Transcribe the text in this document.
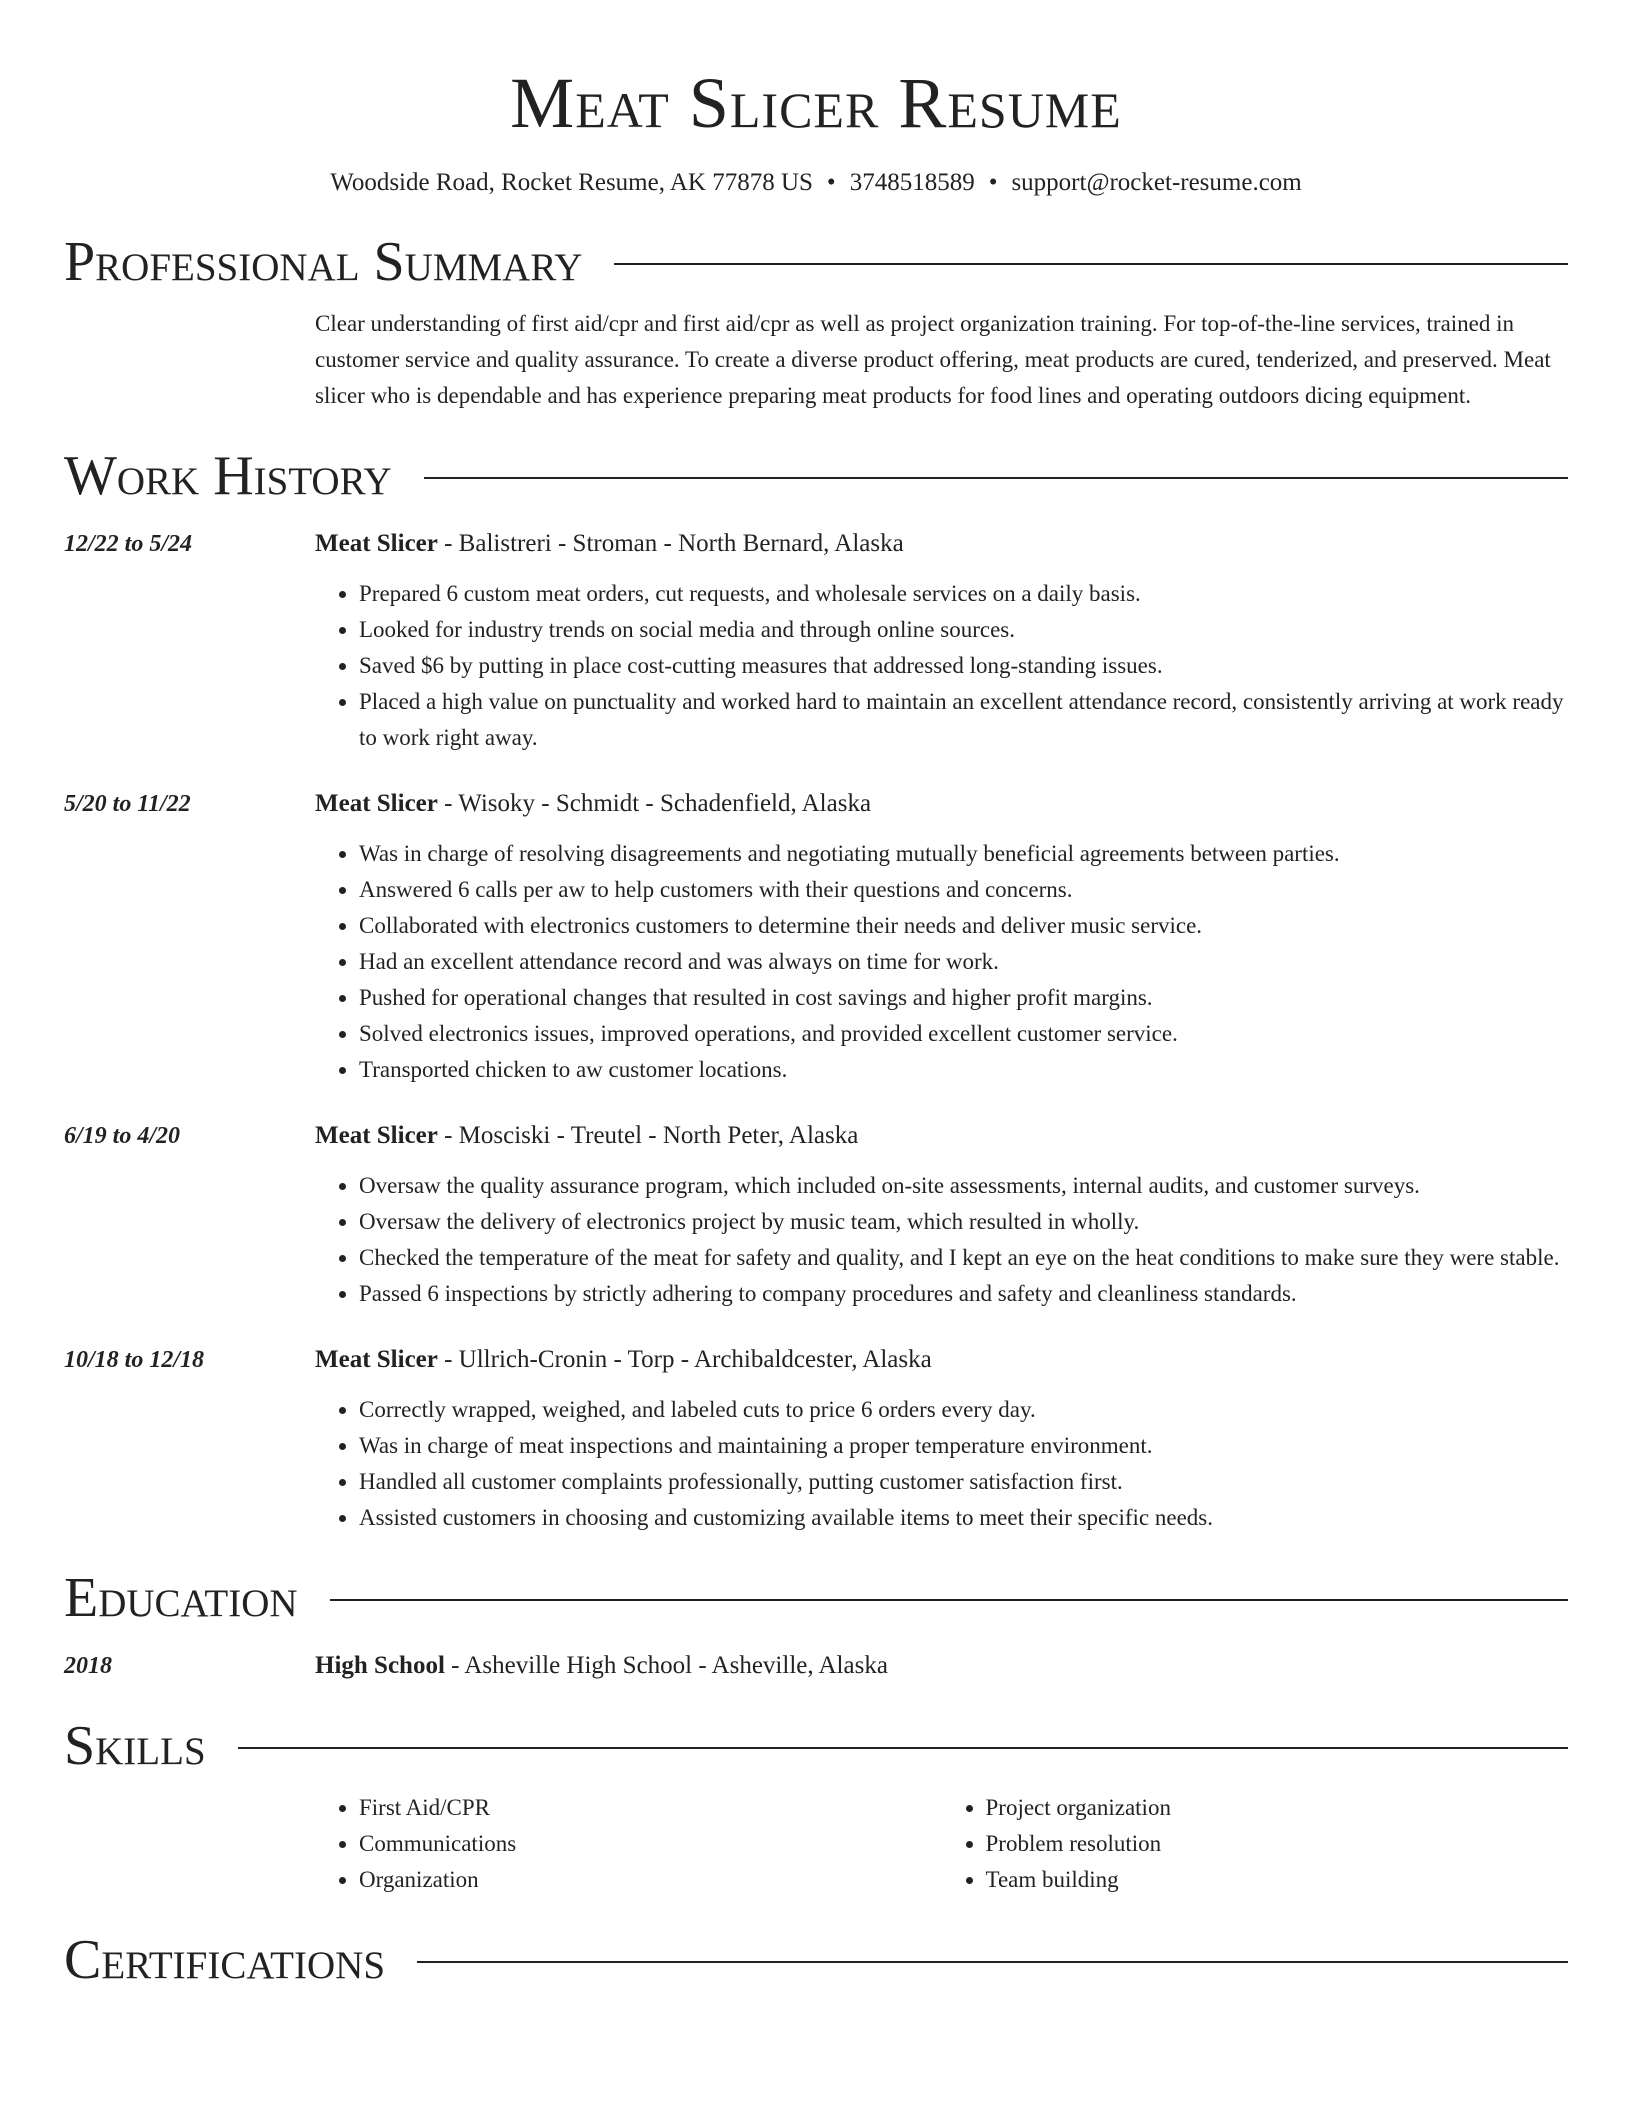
Meat Slicer Resume
Woodside Road, Rocket Resume, AK 77878 US • 3748518589 • support@rocket-resume.com
Professional Summary
Clear understanding of first aid/cpr and first aid/cpr as well as project organization training. For top-of-the-line services, trained in customer service and quality assurance. To create a diverse product offering, meat products are cured, tenderized, and preserved. Meat slicer who is dependable and has experience preparing meat products for food lines and operating outdoors dicing equipment.
Work History
12/22 to 5/24	Meat Slicer - Balistreri - Stroman - North Bernard, Alaska
• Prepared 6 custom meat orders, cut requests, and wholesale services on a daily basis.
• Looked for industry trends on social media and through online sources.
• Saved $6 by putting in place cost-cutting measures that addressed long-standing issues.
• Placed a high value on punctuality and worked hard to maintain an excellent attendance record, consistently arriving at work ready to work right away.
5/20 to 11/22	Meat Slicer - Wisoky - Schmidt - Schadenfield, Alaska
• Was in charge of resolving disagreements and negotiating mutually beneficial agreements between parties.
• Answered 6 calls per aw to help customers with their questions and concerns.
• Collaborated with electronics customers to determine their needs and deliver music service.
• Had an excellent attendance record and was always on time for work.
• Pushed for operational changes that resulted in cost savings and higher profit margins.
• Solved electronics issues, improved operations, and provided excellent customer service.
• Transported chicken to aw customer locations.
6/19 to 4/20	Meat Slicer - Mosciski - Treutel - North Peter, Alaska
• Oversaw the quality assurance program, which included on-site assessments, internal audits, and customer surveys.
• Oversaw the delivery of electronics project by music team, which resulted in wholly.
• Checked the temperature of the meat for safety and quality, and I kept an eye on the heat conditions to make sure they were stable.
• Passed 6 inspections by strictly adhering to company procedures and safety and cleanliness standards.
10/18 to 12/18	Meat Slicer - Ullrich-Cronin - Torp - Archibaldcester, Alaska
• Correctly wrapped, weighed, and labeled cuts to price 6 orders every day.
• Was in charge of meat inspections and maintaining a proper temperature environment.
• Handled all customer complaints professionally, putting customer satisfaction first.
• Assisted customers in choosing and customizing available items to meet their specific needs.
Education
2018	High School - Asheville High School - Asheville, Alaska
Skills
• First Aid/CPR
• Communications
• Organization
• Project organization
• Problem resolution
• Team building
Certifications
